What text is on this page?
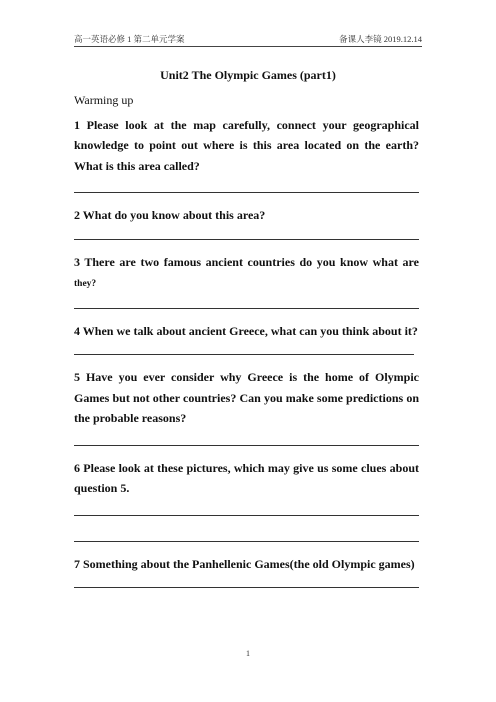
高一英语必修 1 第二单元学案	备课人李镜 2019.12.14
Unit2 The Olympic Games (part1)

Warming up

1 Please look at the map carefully, connect your geographical knowledge to point out where is this area located on the earth? What is this area called?

2 What do you know about this area?

3 There are two famous ancient countries do you know what are they?

4 When we talk about ancient Greece, what can you think about it?

5 Have you ever consider why Greece is the home of Olympic Games but not other countries? Can you make some predictions on the probable reasons?

6 Please look at these pictures, which may give us some clues about question 5.

7 Something about the Panhellenic Games(the old Olympic games)

1
